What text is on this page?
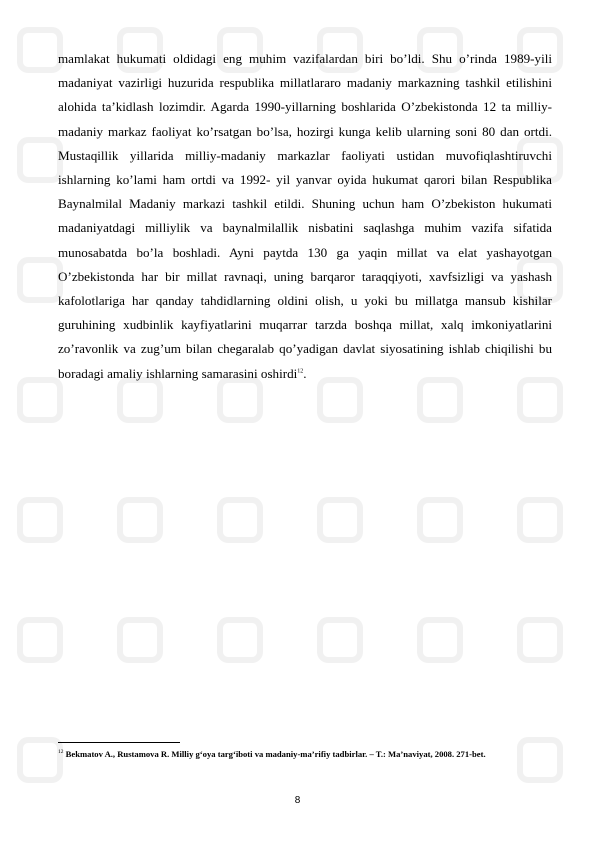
mamlakat hukumati oldidagi eng muhim vazifalardan biri bo’ldi. Shu o’rinda 1989-yili madaniyat vazirligi huzurida respublika millatlararo madaniy markazning tashkil etilishini alohida ta’kidlash lozimdir. Agarda 1990-yillarning boshlarida O’zbekistonda 12 ta milliy-madaniy markaz faoliyat ko’rsatgan bo’lsa, hozirgi kunga kelib ularning soni 80 dan ortdi. Mustaqillik yillarida milliy-madaniy markazlar faoliyati ustidan muvofiqlashtiruvchi ishlarning ko’lami ham ortdi va 1992- yil yanvar oyida hukumat qarori bilan Respublika Baynalmilal Madaniy markazi tashkil etildi. Shuning uchun ham O’zbekiston hukumati madaniyatdagi milliylik va baynalmilallik nisbatini saqlashga muhim vazifa sifatida munosabatda bo’la boshladi. Ayni paytda 130 ga yaqin millat va elat yashayotgan O’zbekistonda har bir millat ravnaqi, uning barqaror taraqqiyoti, xavfsizligi va yashash kafolotlariga har qanday tahdidlarning oldini olish, u yoki bu millatga mansub kishilar guruhining xudbinlik kayfiyatlarini muqarrar tarzda boshqa millat, xalq imkoniyatlarini zo’ravonlik va zug’um bilan chegaralab qo’yadigan davlat siyosatining ishlab chiqilishi bu boradagi amaliy ishlarning samarasini oshirdi$^{12}$.

$^{12}$ Bekmatov A., Rustamova R. Milliy g‘oya targ‘iboti va madaniy-ma’rifiy tadbirlar. – T.: Ma’naviyat, 2008. 271-bet.

8
